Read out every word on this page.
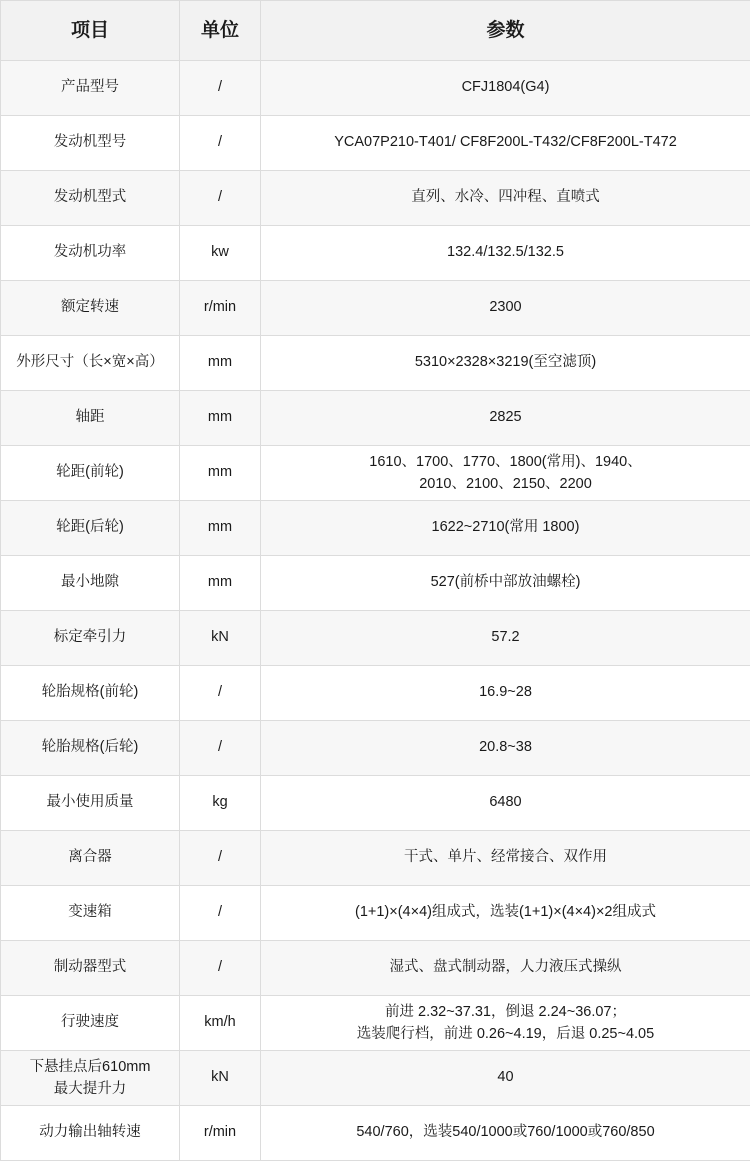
项目	单位	参数
产品型号	/	CFJ1804(G4)
发动机型号	/	YCA07P210-T401/ CF8F200L-T432/CF8F200L-T472
发动机型式	/	直列、水冷、四冲程、直喷式
发动机功率	kw	132.4/132.5/132.5
额定转速	r/min	2300
外形尺寸（长×宽×高）	mm	5310×2328×3219(至空滤顶)
轴距	mm	2825
轮距(前轮)	mm	1610、1700、1770、1800(常用)、1940、
2010、2100、2150、2200

轮距(后轮)	mm	1622~2710(常用 1800)
最小地隙	mm	527(前桥中部放油螺栓)
标定牵引力	kN	57.2
轮胎规格(前轮)	/	16.9~28
轮胎规格(后轮)	/	20.8~38
最小使用质量	kg	6480
离合器	/	干式、单片、经常接合、双作用
变速箱	/	(1+1)×(4×4)组成式，选装(1+1)×(4×4)×2组成式
制动器型式	/	湿式、盘式制动器，人力液压式操纵
行驶速度	km/h	前进 2.32~37.31，倒退 2.24~36.07；
选装爬行档，前进 0.26~4.19，后退 0.25~4.05

下悬挂点后610mm
最大提升力	kN	40
动力输出轴转速	r/min	540/760，选装540/1000或760/1000或760/850
